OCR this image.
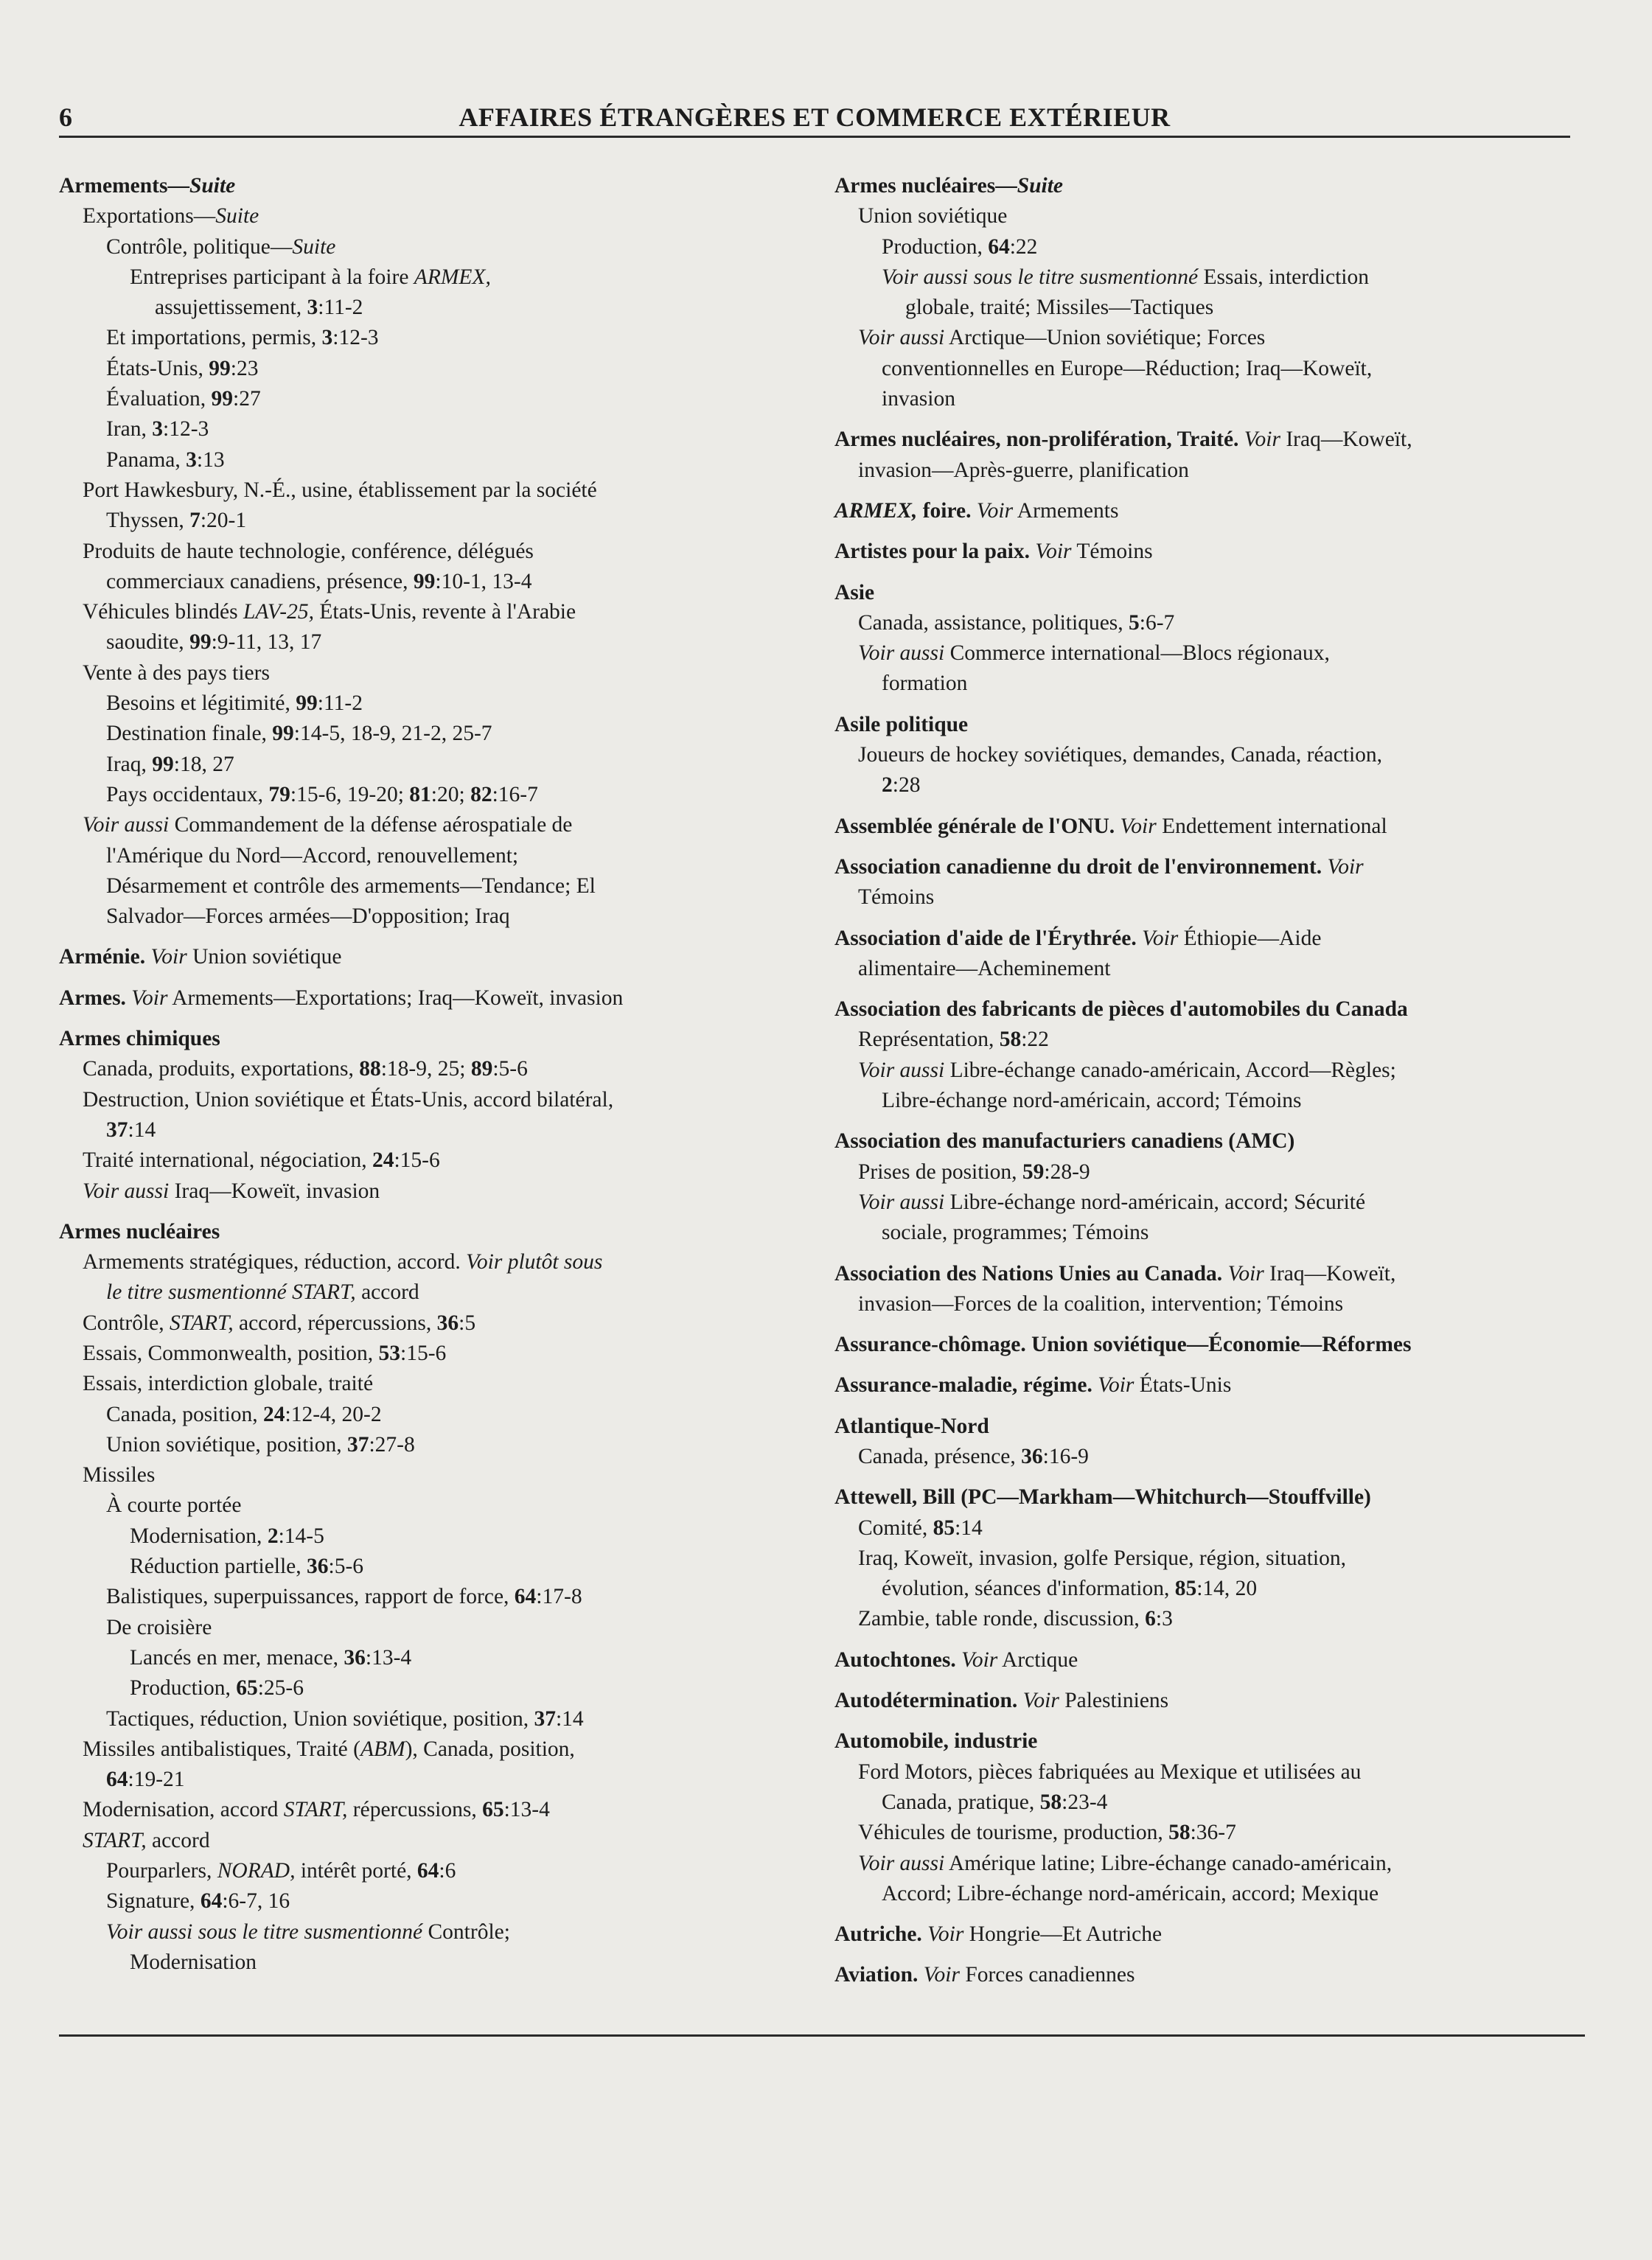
6	AFFAIRES ÉTRANGÈRES ET COMMERCE EXTÉRIEUR
Armements—Suite
Exportations—Suite
Contrôle, politique—Suite
Entreprises participant à la foire ARMEX,
assujettissement, 3:11-2
Et importations, permis, 3:12-3
États-Unis, 99:23
Évaluation, 99:27
Iran, 3:12-3
Panama, 3:13
Port Hawkesbury, N.-É., usine, établissement par la société
Thyssen, 7:20-1
Produits de haute technologie, conférence, délégués
commerciaux canadiens, présence, 99:10-1, 13-4
Véhicules blindés LAV-25, États-Unis, revente à l'Arabie
saoudite, 99:9-11, 13, 17
Vente à des pays tiers
Besoins et légitimité, 99:11-2
Destination finale, 99:14-5, 18-9, 21-2, 25-7
Iraq, 99:18, 27
Pays occidentaux, 79:15-6, 19-20; 81:20; 82:16-7
Voir aussi Commandement de la défense aérospatiale de
l'Amérique du Nord—Accord, renouvellement;
Désarmement et contrôle des armements—Tendance; El
Salvador—Forces armées—D'opposition; Iraq
Arménie. Voir Union soviétique
Armes. Voir Armements—Exportations; Iraq—Koweït, invasion
Armes chimiques
Canada, produits, exportations, 88:18-9, 25; 89:5-6
Destruction, Union soviétique et États-Unis, accord bilatéral,
37:14
Traité international, négociation, 24:15-6
Voir aussi Iraq—Koweït, invasion
Armes nucléaires
Armements stratégiques, réduction, accord. Voir plutôt sous
le titre susmentionné START, accord
Contrôle, START, accord, répercussions, 36:5
Essais, Commonwealth, position, 53:15-6
Essais, interdiction globale, traité
Canada, position, 24:12-4, 20-2
Union soviétique, position, 37:27-8
Missiles
À courte portée
Modernisation, 2:14-5
Réduction partielle, 36:5-6
Balistiques, superpuissances, rapport de force, 64:17-8
De croisière
Lancés en mer, menace, 36:13-4
Production, 65:25-6
Tactiques, réduction, Union soviétique, position, 37:14
Missiles antibalistiques, Traité (ABM), Canada, position,
64:19-21
Modernisation, accord START, répercussions, 65:13-4
START, accord
Pourparlers, NORAD, intérêt porté, 64:6
Signature, 64:6-7, 16
Voir aussi sous le titre susmentionné Contrôle;
Modernisation
Armes nucléaires—Suite
Union soviétique
Production, 64:22
Voir aussi sous le titre susmentionné Essais, interdiction
globale, traité; Missiles—Tactiques
Voir aussi Arctique—Union soviétique; Forces
conventionnelles en Europe—Réduction; Iraq—Koweït,
invasion
Armes nucléaires, non-prolifération, Traité. Voir Iraq—Koweït,
invasion—Après-guerre, planification
ARMEX, foire. Voir Armements
Artistes pour la paix. Voir Témoins
Asie
Canada, assistance, politiques, 5:6-7
Voir aussi Commerce international—Blocs régionaux,
formation
Asile politique
Joueurs de hockey soviétiques, demandes, Canada, réaction,
2:28
Assemblée générale de l'ONU. Voir Endettement international
Association canadienne du droit de l'environnement. Voir
Témoins
Association d'aide de l'Érythrée. Voir Éthiopie—Aide
alimentaire—Acheminement
Association des fabricants de pièces d'automobiles du Canada
Représentation, 58:22
Voir aussi Libre-échange canado-américain, Accord—Règles;
Libre-échange nord-américain, accord; Témoins
Association des manufacturiers canadiens (AMC)
Prises de position, 59:28-9
Voir aussi Libre-échange nord-américain, accord; Sécurité
sociale, programmes; Témoins
Association des Nations Unies au Canada. Voir Iraq—Koweït,
invasion—Forces de la coalition, intervention; Témoins
Assurance-chômage. Union soviétique—Économie—Réformes
Assurance-maladie, régime. Voir États-Unis
Atlantique-Nord
Canada, présence, 36:16-9
Attewell, Bill (PC—Markham—Whitchurch—Stouffville)
Comité, 85:14
Iraq, Koweït, invasion, golfe Persique, région, situation,
évolution, séances d'information, 85:14, 20
Zambie, table ronde, discussion, 6:3
Autochtones. Voir Arctique
Autodétermination. Voir Palestiniens
Automobile, industrie
Ford Motors, pièces fabriquées au Mexique et utilisées au
Canada, pratique, 58:23-4
Véhicules de tourisme, production, 58:36-7
Voir aussi Amérique latine; Libre-échange canado-américain,
Accord; Libre-échange nord-américain, accord; Mexique
Autriche. Voir Hongrie—Et Autriche
Aviation. Voir Forces canadiennes
